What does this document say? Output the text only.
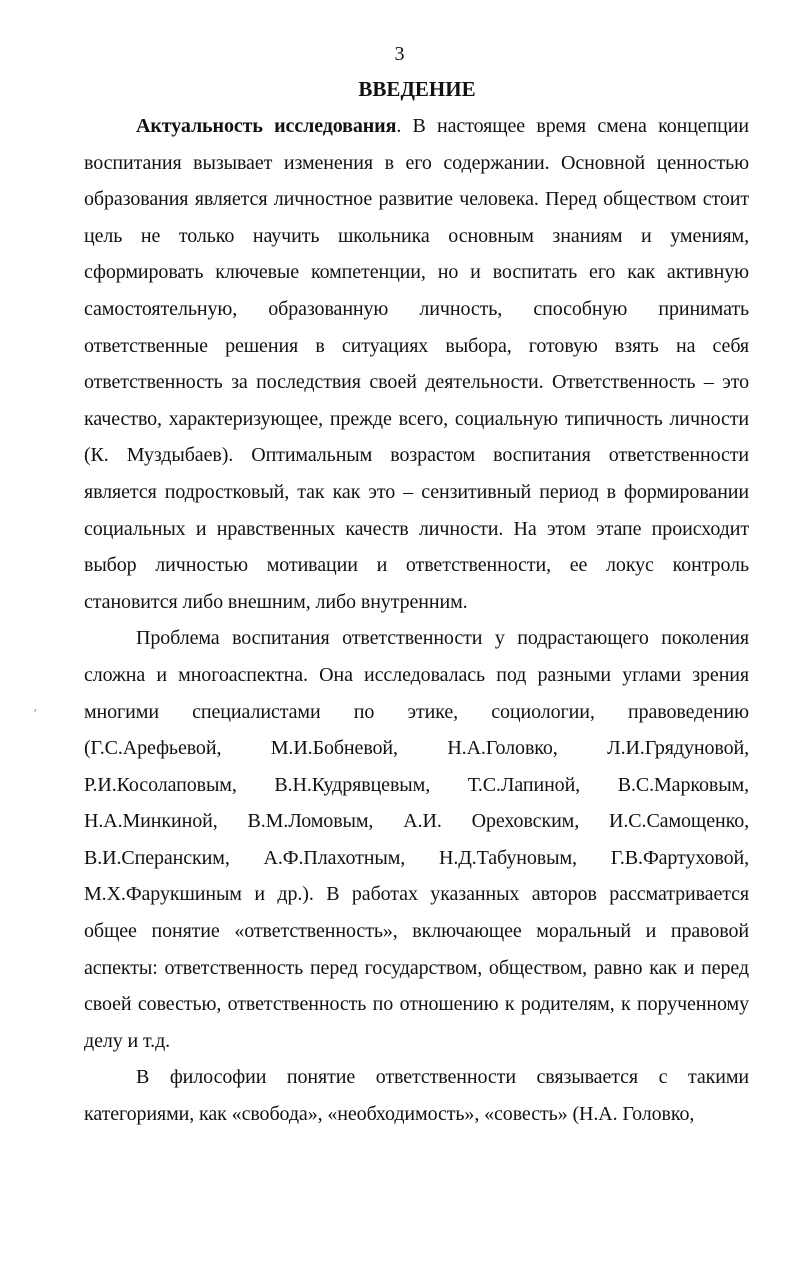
3
ВВЕДЕНИЕ

Актуальность исследования. В настоящее время смена концепции воспитания вызывает изменения в его содержании. Основной ценностью образования является личностное развитие человека. Перед обществом стоит цель не только научить школьника основным знаниям и умениям, сформировать ключевые компетенции, но и воспитать его как активную самостоятельную, образованную личность, способную принимать ответственные решения в ситуациях выбора, готовую взять на себя ответственность за последствия своей деятельности. Ответственность – это качество, характеризующее, прежде всего, социальную типичность личности (К. Муздыбаев). Оптимальным возрастом воспитания ответственности является подростковый, так как это – сензитивный период в формировании социальных и нравственных качеств личности. На этом этапе происходит выбор личностью мотивации и ответственности, ее локус контроль становится либо внешним, либо внутренним.

Проблема воспитания ответственности у подрастающего поколения сложна и многоаспектна. Она исследовалась под разными углами зрения многими специалистами по этике, социологии, правоведению (Г.С.Арефьевой, М.И.Бобневой, Н.А.Головко, Л.И.Грядуновой, Р.И.Косолаповым, В.Н.Кудрявцевым, Т.С.Лапиной, В.С.Марковым, Н.А.Минкиной, В.М.Ломовым, А.И. Ореховским, И.С.Самощенко, В.И.Сперанским, А.Ф.Плахотным, Н.Д.Табуновым, Г.В.Фартуховой, М.Х.Фарукшиным и др.). В работах указанных авторов рассматривается общее понятие «ответственность», включающее моральный и правовой аспекты: ответственность перед государством, обществом, равно как и перед своей совестью, ответственность по отношению к родителям, к порученному делу и т.д.

В философии понятие ответственности связывается с такими категориями, как «свобода», «необходимость», «совесть» (Н.А. Головко,

ʹ
